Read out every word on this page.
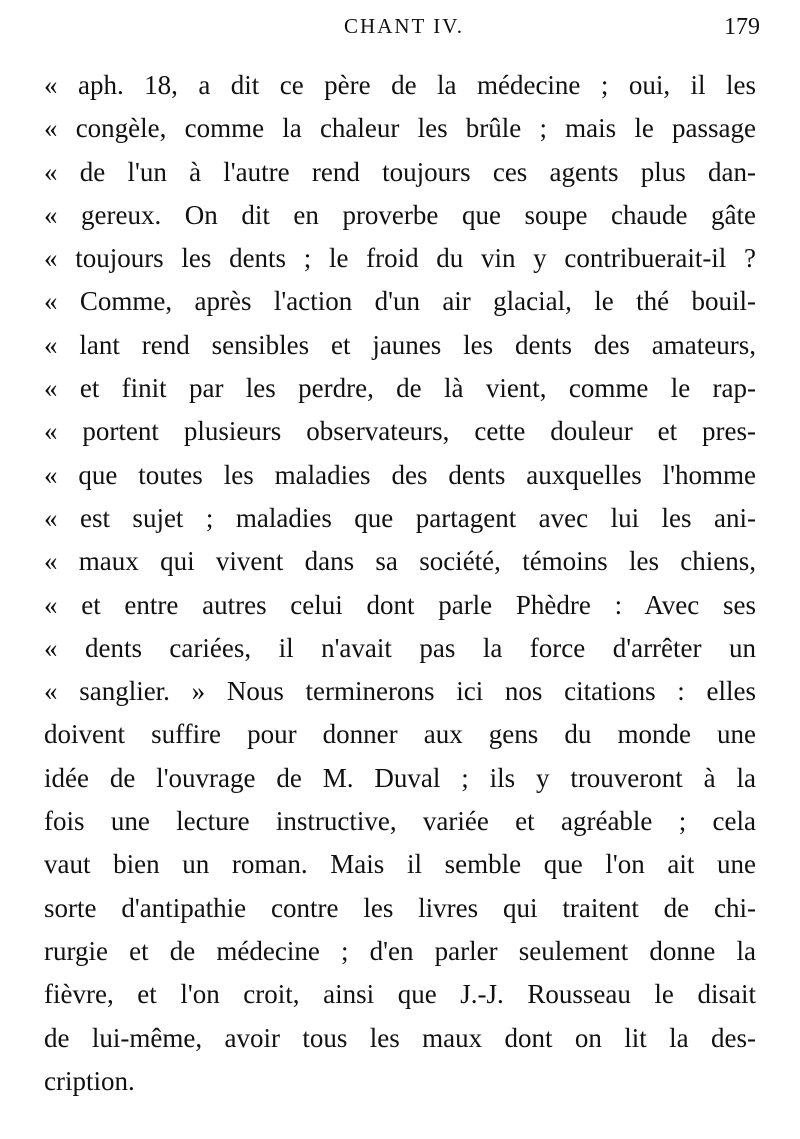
CHANT IV.	179
« aph. 18, a dit ce père de la médecine ; oui, il les
« congèle, comme la chaleur les brûle ; mais le passage
« de l'un à l'autre rend toujours ces agents plus dan-
« gereux. On dit en proverbe que soupe chaude gâte
« toujours les dents ; le froid du vin y contribuerait-il ?
« Comme, après l'action d'un air glacial, le thé bouil-
« lant rend sensibles et jaunes les dents des amateurs,
« et finit par les perdre, de là vient, comme le rap-
« portent plusieurs observateurs, cette douleur et pres-
« que toutes les maladies des dents auxquelles l'homme
« est sujet ; maladies que partagent avec lui les ani-
« maux qui vivent dans sa société, témoins les chiens,
« et entre autres celui dont parle Phèdre : Avec ses
« dents cariées, il n'avait pas la force d'arrêter un
« sanglier. » Nous terminerons ici nos citations : elles
doivent suffire pour donner aux gens du monde une
idée de l'ouvrage de M. Duval ; ils y trouveront à la
fois une lecture instructive, variée et agréable ; cela
vaut bien un roman. Mais il semble que l'on ait une
sorte d'antipathie contre les livres qui traitent de chi-
rurgie et de médecine ; d'en parler seulement donne la
fièvre, et l'on croit, ainsi que J.-J. Rousseau le disait
de lui-même, avoir tous les maux dont on lit la des-
cription.
